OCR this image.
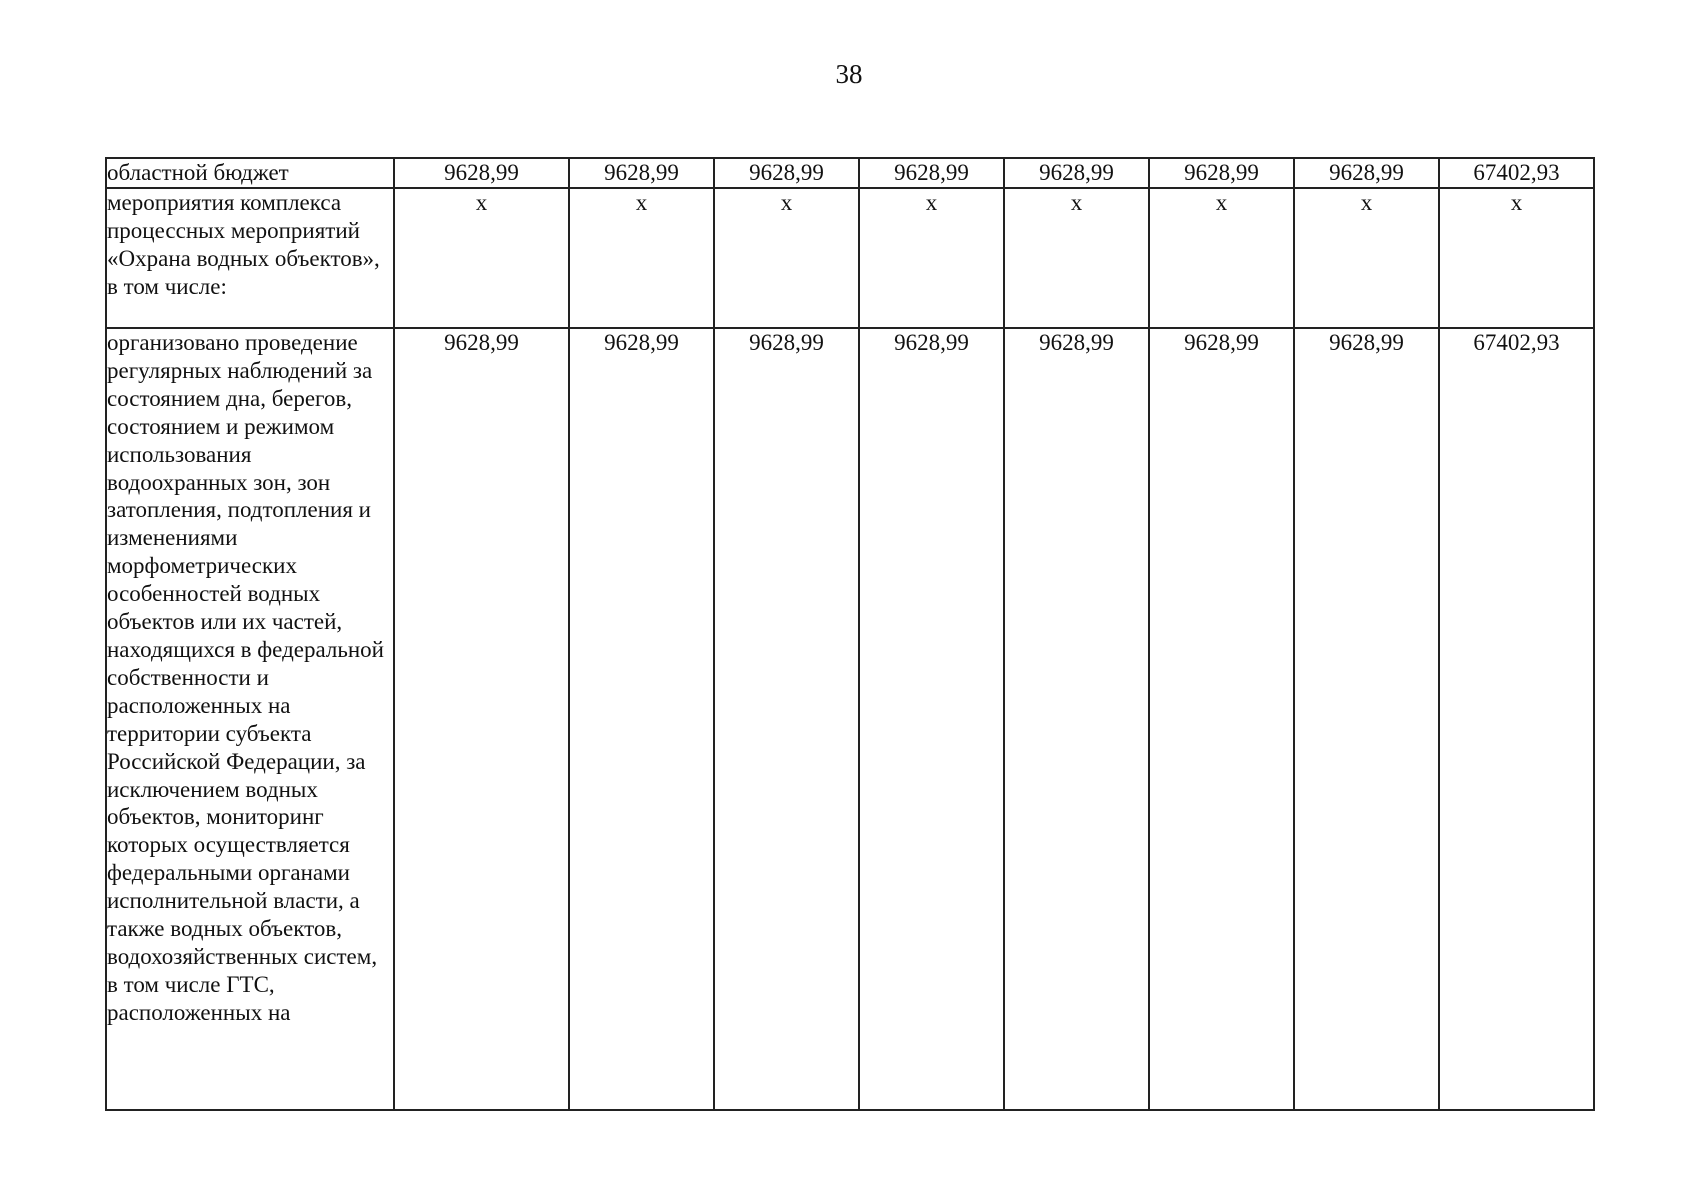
38
областной бюджет	9628,99	9628,99	9628,99	9628,99	9628,99	9628,99	9628,99	67402,93
мероприятия комплекса процессных мероприятий «Охрана водных объектов», в том числе:	x	x	x	x	x	x	x	x
организовано проведение регулярных наблюдений за состоянием дна, берегов, состоянием и режимом использования водоохранных зон, зон затопления, подтопления и изменениями морфометрических особенностей водных объектов или их частей, находящихся в федеральной собственности и расположенных на территории субъекта Российской Федерации, за исключением водных объектов, мониторинг которых осуществляется федеральными органами исполнительной власти, а также водных объектов, водохозяйственных систем, в том числе ГТС, расположенных на	9628,99	9628,99	9628,99	9628,99	9628,99	9628,99	9628,99	67402,93
